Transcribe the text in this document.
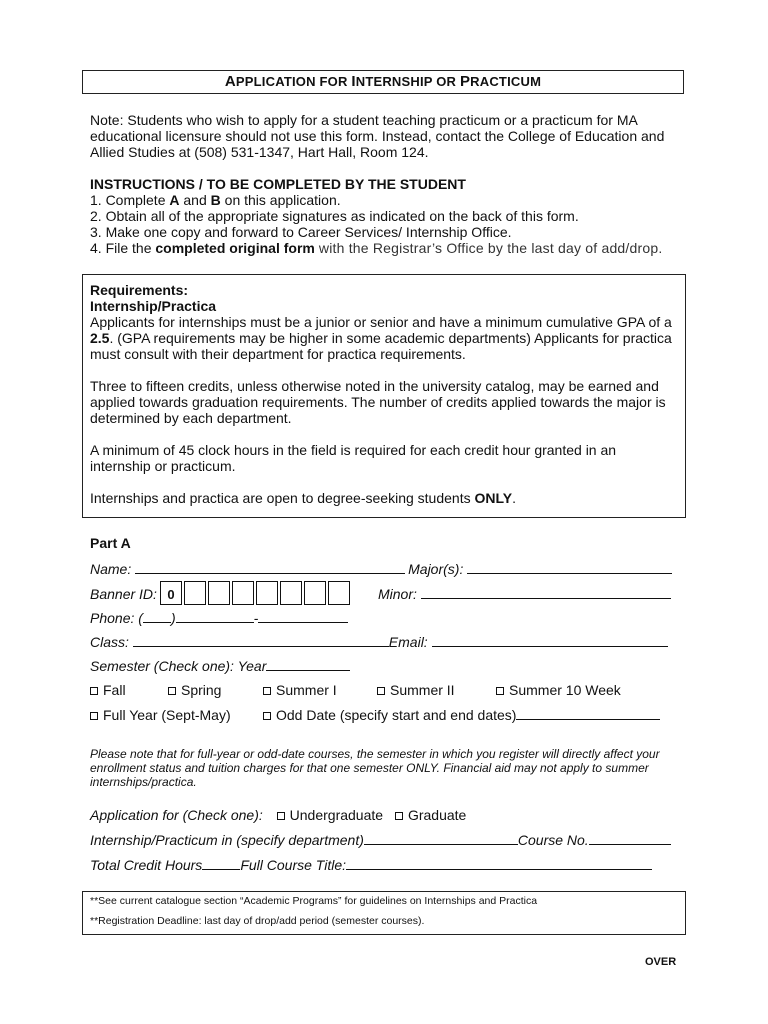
APPLICATION FOR INTERNSHIP OR PRACTICUM
Note: Students who wish to apply for a student teaching practicum or a practicum for MA educational licensure should not use this form. Instead, contact the College of Education and Allied Studies at (508) 531-1347, Hart Hall, Room 124.
INSTRUCTIONS / TO BE COMPLETED BY THE STUDENT
1. Complete A and B on this application.
2. Obtain all of the appropriate signatures as indicated on the back of this form.
3. Make one copy and forward to Career Services/ Internship Office.
4. File the completed original form with the Registrar’s Office by the last day of add/drop.
Requirements:
Internship/Practica
Applicants for internships must be a junior or senior and have a minimum cumulative GPA of a 2.5. (GPA requirements may be higher in some academic departments) Applicants for practica must consult with their department for practica requirements.
Three to fifteen credits, unless otherwise noted in the university catalog, may be earned and applied towards graduation requirements. The number of credits applied towards the major is determined by each department.
A minimum of 45 clock hours in the field is required for each credit hour granted in an internship or practicum.
Internships and practica are open to degree-seeking students ONLY.
Part A
Name:	Major(s):
Banner ID: 0	Minor:
Phone: ( )	-
Class:	Email:
Semester (Check one): Year
Fall	Spring	Summer I	Summer II	Summer 10 Week
Full Year (Sept-May)	Odd Date (specify start and end dates)
Please note that for full-year or odd-date courses, the semester in which you register will directly affect your enrollment status and tuition charges for that one semester ONLY. Financial aid may not apply to summer internships/practica.
Application for (Check one): Undergraduate Graduate
Internship/Practicum in (specify department)	Course No.
Total Credit Hours	Full Course Title:
**See current catalogue section “Academic Programs” for guidelines on Internships and Practica
**Registration Deadline: last day of drop/add period (semester courses).
OVER
